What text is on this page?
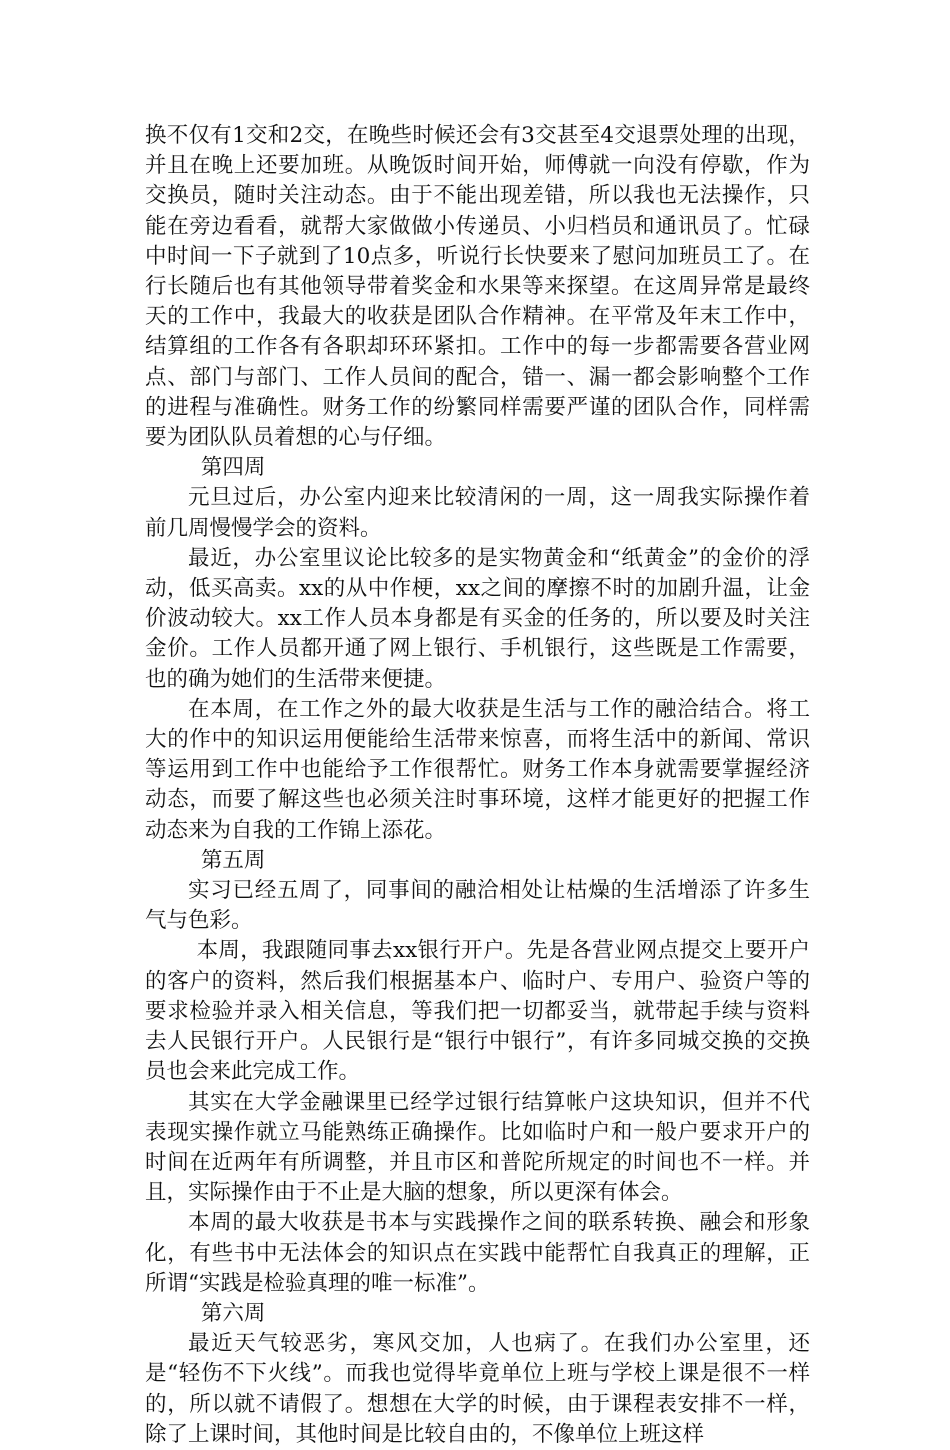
换不仅有1交和2交，在晚些时候还会有3交甚至4交退票处理的出现，并且在晚上还要加班。从晚饭时间开始，师傅就一向没有停歇，作为交换员，随时关注动态。由于不能出现差错，所以我也无法操作，只能在旁边看看，就帮大家做做小传递员、小归档员和通讯员了。忙碌中时间一下子就到了10点多，听说行长快要来了慰问加班员工了。在行长随后也有其他领导带着奖金和水果等来探望。在这周异常是最终天的工作中，我最大的收获是团队合作精神。在平常及年末工作中，结算组的工作各有各职却环环紧扣。工作中的每一步都需要各营业网点、部门与部门、工作人员间的配合，错一、漏一都会影响整个工作的进程与准确性。财务工作的纷繁同样需要严谨的团队合作，同样需要为团队队员着想的心与仔细。

第四周

元旦过后，办公室内迎来比较清闲的一周，这一周我实际操作着前几周慢慢学会的资料。

最近，办公室里议论比较多的是实物黄金和“纸黄金”的金价的浮动，低买高卖。xx的从中作梗，xx之间的摩擦不时的加剧升温，让金价波动较大。xx工作人员本身都是有买金的任务的，所以要及时关注金价。工作人员都开通了网上银行、手机银行，这些既是工作需要，也的确为她们的生活带来便捷。

在本周，在工作之外的最大收获是生活与工作的融洽结合。将工大的作中的知识运用便能给生活带来惊喜，而将生活中的新闻、常识等运用到工作中也能给予工作很帮忙。财务工作本身就需要掌握经济动态，而要了解这些也必须关注时事环境，这样才能更好的把握工作动态来为自我的工作锦上添花。

第五周

实习已经五周了，同事间的融洽相处让枯燥的生活增添了许多生气与色彩。

本周，我跟随同事去xx银行开户。先是各营业网点提交上要开户的客户的资料，然后我们根据基本户、临时户、专用户、验资户等的要求检验并录入相关信息，等我们把一切都妥当，就带起手续与资料去人民银行开户。人民银行是“银行中银行”，有许多同城交换的交换员也会来此完成工作。

其实在大学金融课里已经学过银行结算帐户这块知识，但并不代表现实操作就立马能熟练正确操作。比如临时户和一般户要求开户的时间在近两年有所调整，并且市区和普陀所规定的时间也不一样。并且，实际操作由于不止是大脑的想象，所以更深有体会。

本周的最大收获是书本与实践操作之间的联系转换、融会和形象化，有些书中无法体会的知识点在实践中能帮忙自我真正的理解，正所谓“实践是检验真理的唯一标准”。

第六周

最近天气较恶劣，寒风交加，人也病了。在我们办公室里，还是“轻伤不下火线”。而我也觉得毕竟单位上班与学校上课是很不一样的，所以就不请假了。想想在大学的时候，由于课程表安排不一样，除了上课时间，其他时间是比较自由的，不像单位上班这样
